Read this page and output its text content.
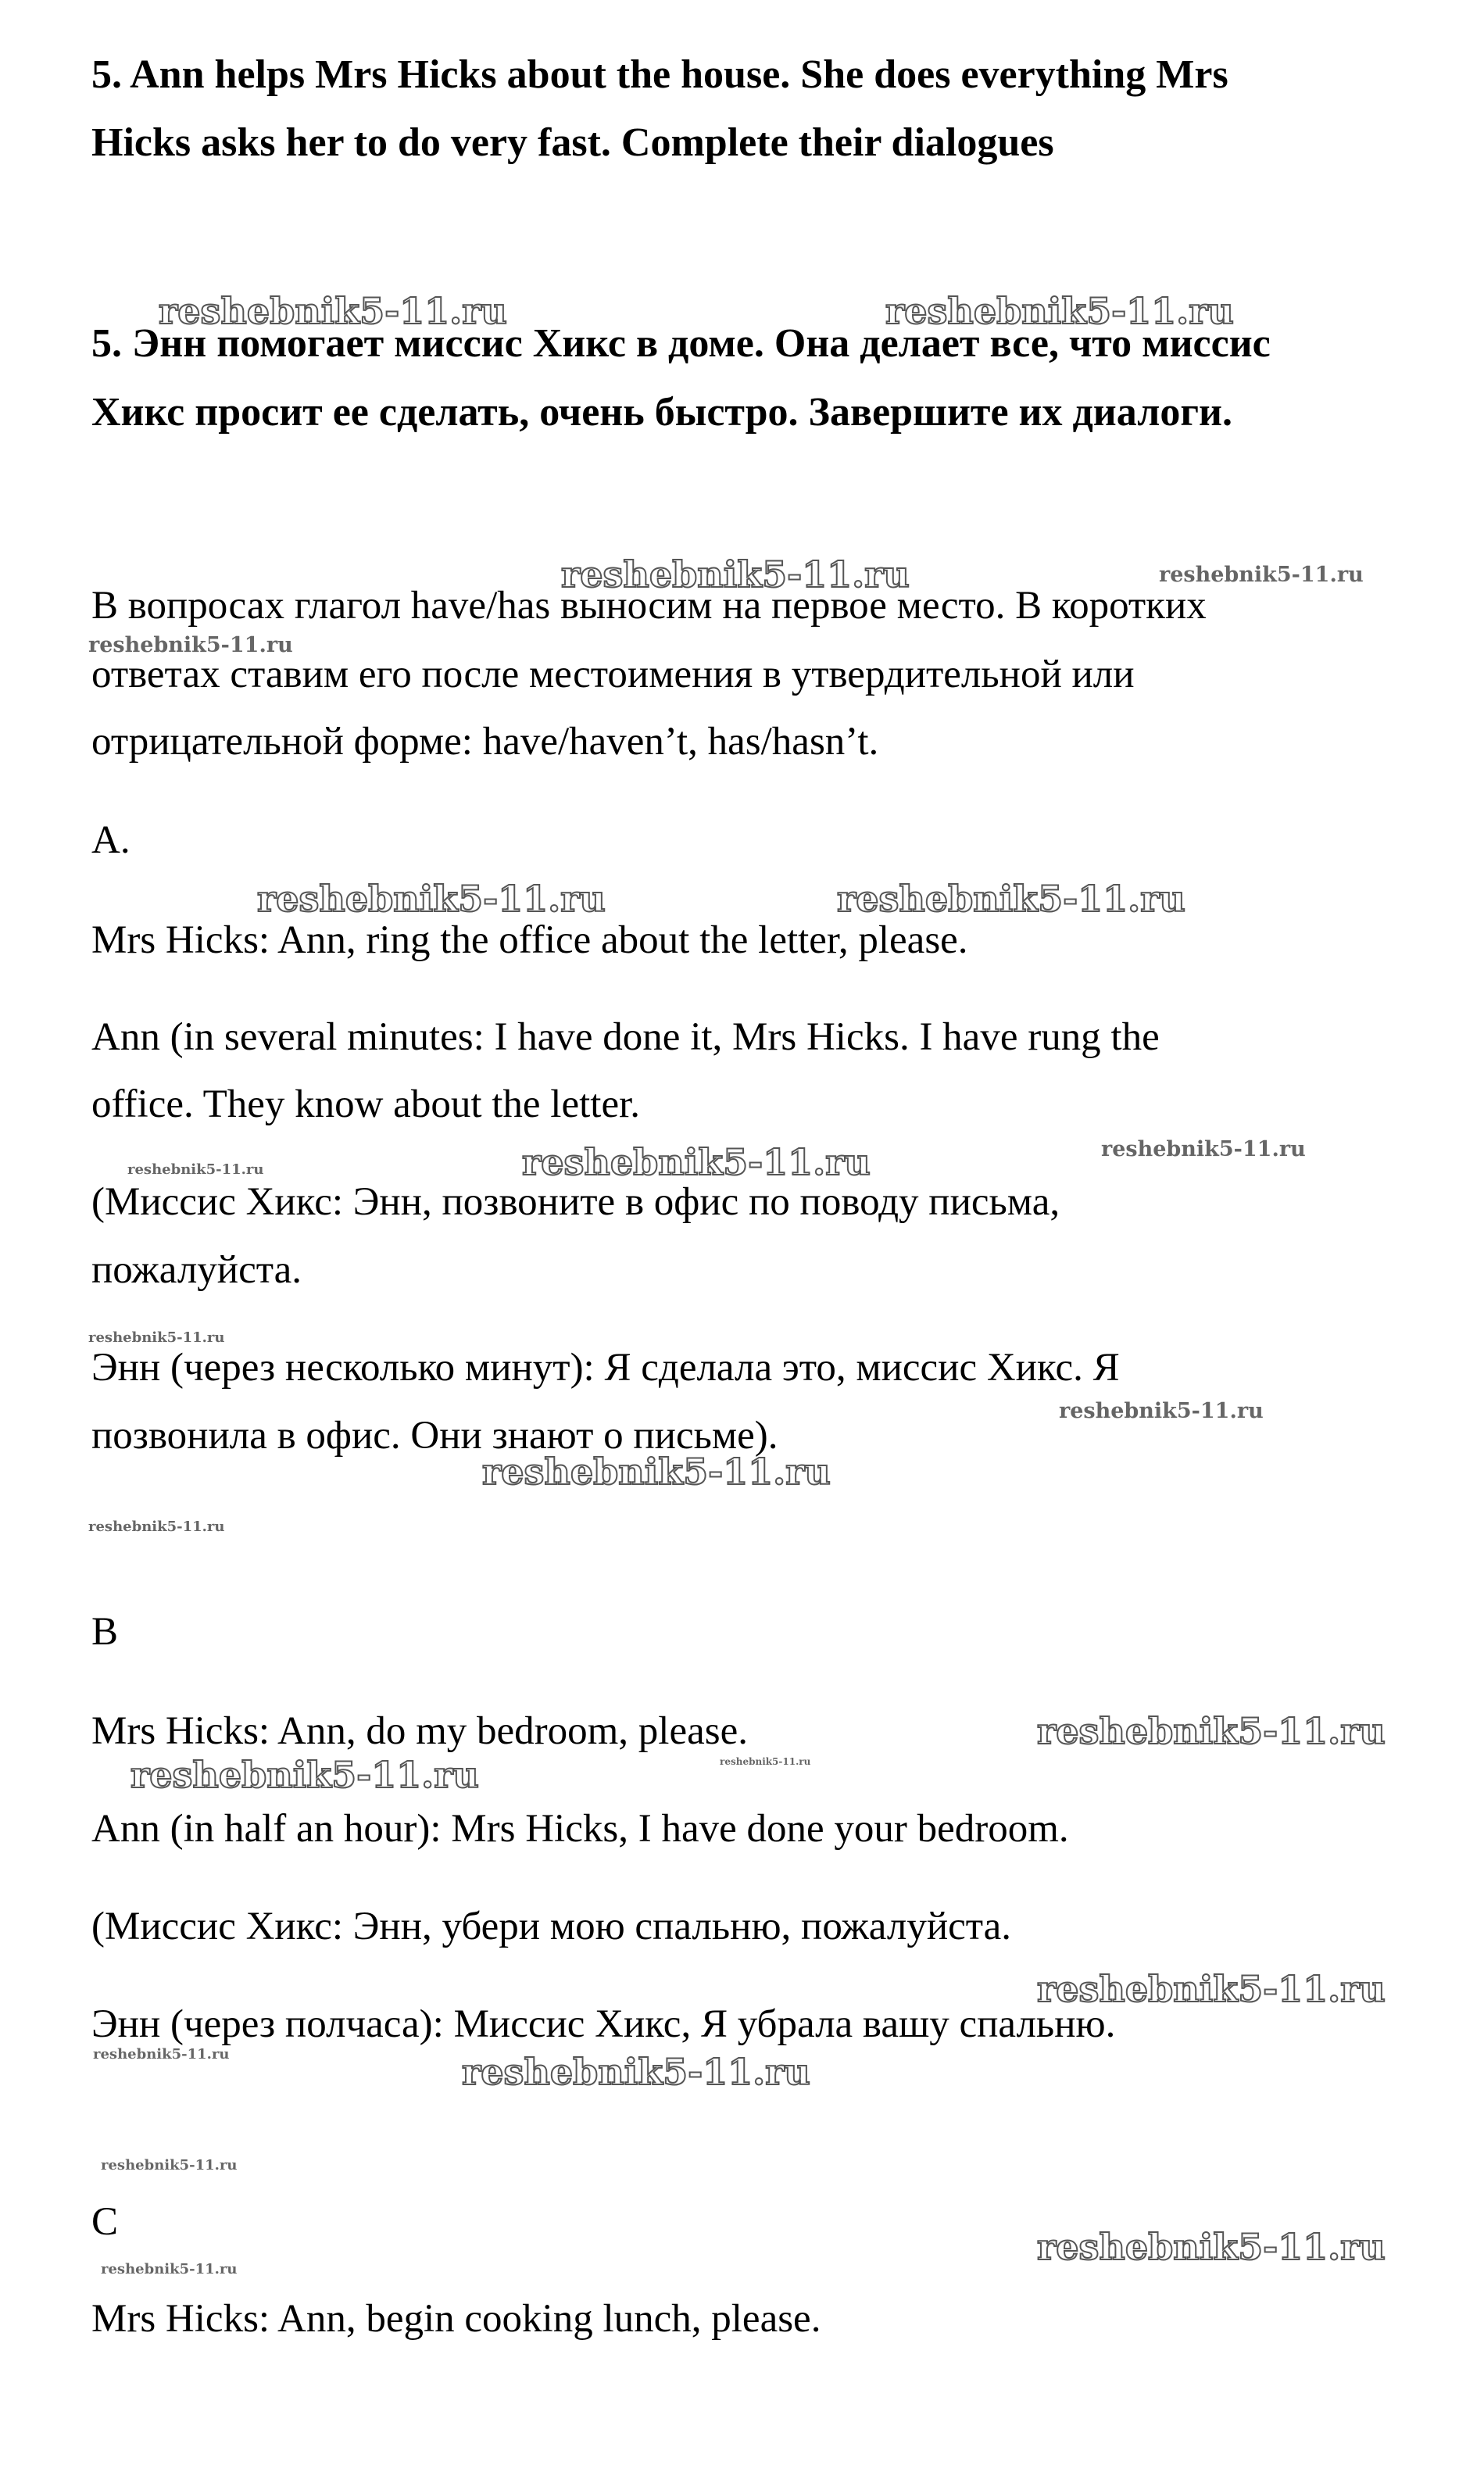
5. Ann helps Mrs Hicks about the house. She does everything Mrs
Hicks asks her to do very fast. Complete their dialogues
5. Энн помогает миссис Хикс в доме. Она делает все, что миссис
Хикс просит ее сделать, очень быстро. Завершите их диалоги.
В вопросах глагол have/has выносим на первое место. В коротких
ответах ставим его после местоимения в утвердительной или
отрицательной форме: have/haven’t, has/hasn’t.
A.
Mrs Hicks: Ann, ring the office about the letter, please.
Ann (in several minutes: I have done it, Mrs Hicks. I have rung the
office. They know about the letter.
(Миссис Хикс: Энн, позвоните в офис по поводу письма,
пожалуйста.
Энн (через несколько минут): Я сделала это, миссис Хикс. Я
позвонила в офис. Они знают о письме).
B
Mrs Hicks: Ann, do my bedroom, please.
Ann (in half an hour): Mrs Hicks, I have done your bedroom.
(Миссис Хикс: Энн, убери мою спальню, пожалуйста.
Энн (через полчаса): Миссис Хикс, Я убрала вашу спальню.
C
Mrs Hicks: Ann, begin cooking lunch, please.
reshebnik5-11.ru	reshebnik5-11.ru
reshebnik5-11.ru	reshebnik5-11.ru
reshebnik5-11.ru
reshebnik5-11.ru	reshebnik5-11.ru
reshebnik5-11.ru	reshebnik5-11.ru
reshebnik5-11.ru
reshebnik5-11.ru
reshebnik5-11.ru
reshebnik5-11.ru
reshebnik5-11.ru
reshebnik5-11.ru
reshebnik5-11.ru	reshebnik5-11.ru
reshebnik5-11.ru
reshebnik5-11.ru	reshebnik5-11.ru
reshebnik5-11.ru
reshebnik5-11.ru
reshebnik5-11.ru
